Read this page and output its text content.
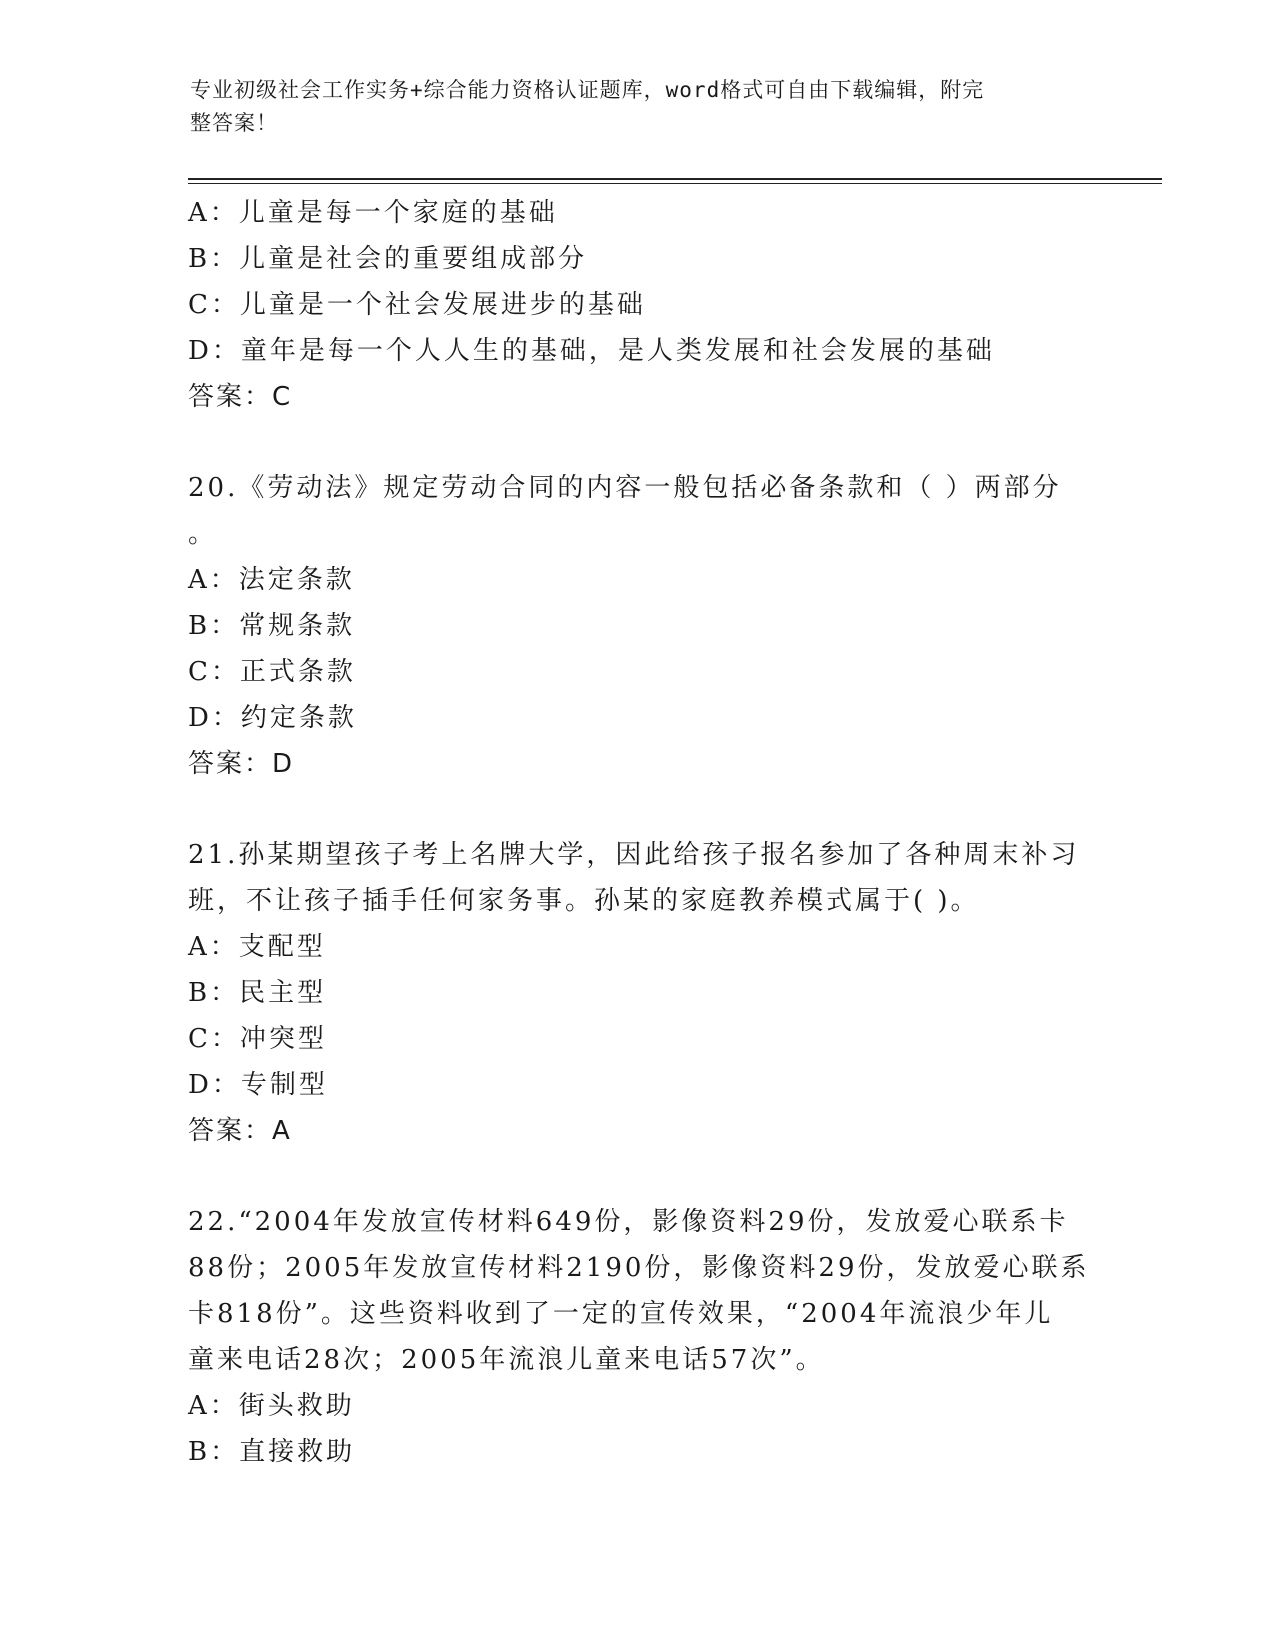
专业初级社会工作实务+综合能力资格认证题库，word格式可自由下载编辑，附完
整答案！
A：儿童是每一个家庭的基础
B：儿童是社会的重要组成部分
C：儿童是一个社会发展进步的基础
D：童年是每一个人人生的基础，是人类发展和社会发展的基础
答案：C
20.《劳动法》规定劳动合同的内容一般包括必备条款和（ ）两部分
。
A：法定条款
B：常规条款
C：正式条款
D：约定条款
答案：D
21.孙某期望孩子考上名牌大学，因此给孩子报名参加了各种周末补习
班，不让孩子插手任何家务事。孙某的家庭教养模式属于( )。
A：支配型
B：民主型
C：冲突型
D：专制型
答案：A
22.“2004年发放宣传材料649份，影像资料29份，发放爱心联系卡
88份；2005年发放宣传材料2190份，影像资料29份，发放爱心联系
卡818份”。这些资料收到了一定的宣传效果，“2004年流浪少年儿
童来电话28次；2005年流浪儿童来电话57次”。
A：街头救助
B：直接救助
